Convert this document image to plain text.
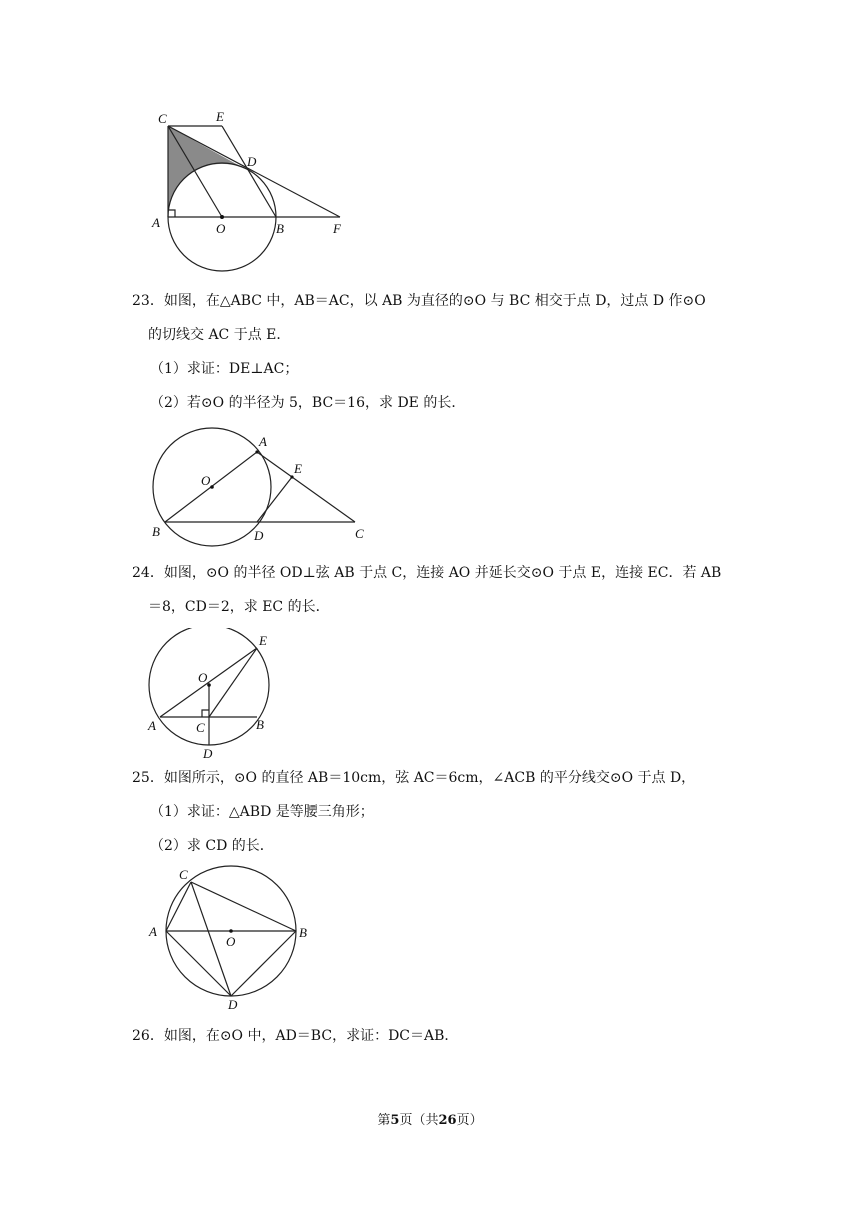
C	E
D
A	O	B	F
23．如图，在△ABC 中，AB＝AC，以 AB 为直径的⊙O 与 BC 相交于点 D，过点 D 作⊙O
的切线交 AC 于点 E．
（1）求证：DE⊥AC；
（2）若⊙O 的半径为 5，BC＝16，求 DE 的长．
A
E
O
B	D	C
24．如图，⊙O 的半径 OD⊥弦 AB 于点 C，连接 AO 并延长交⊙O 于点 E，连接 EC．若 AB
＝8，CD＝2，求 EC 的长．
E
O
A	C	B
D
25．如图所示，⊙O 的直径 AB＝10cm，弦 AC＝6cm，∠ACB 的平分线交⊙O 于点 D，
（1）求证：△ABD 是等腰三角形；
（2）求 CD 的长．
C
A
O
B
D
26．如图，在⊙O 中，AD＝BC，求证：DC＝AB．
第5页（共26页）
